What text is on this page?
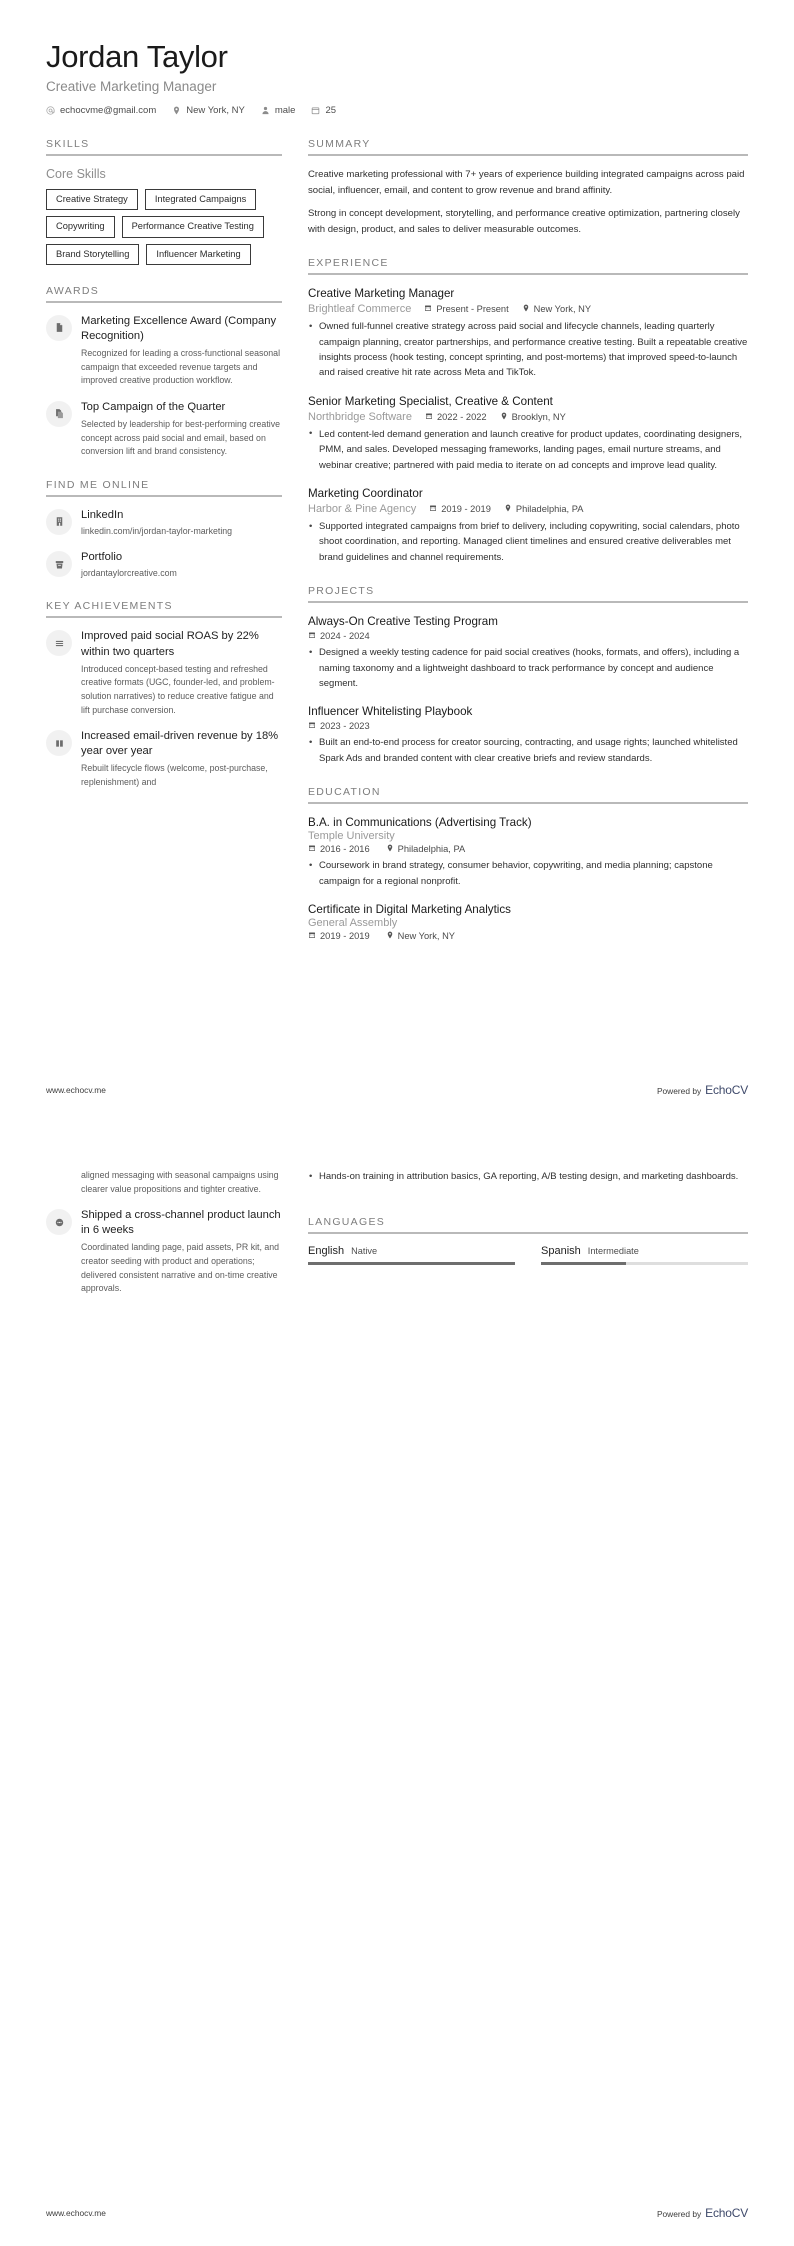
Jordan Taylor
Creative Marketing Manager
echocvme@gmail.com	New York, NY	male	25
SKILLS
Core Skills
Creative Strategy	Integrated Campaigns
Copywriting	Performance Creative Testing
Brand Storytelling	Influencer Marketing
AWARDS
Marketing Excellence Award (Company Recognition)
Recognized for leading a cross-functional seasonal campaign that exceeded revenue targets and improved creative production workflow.
Top Campaign of the Quarter
Selected by leadership for best-performing creative concept across paid social and email, based on conversion lift and brand consistency.
FIND ME ONLINE
LinkedIn
linkedin.com/in/jordan-taylor-marketing
Portfolio
jordantaylorcreative.com
KEY ACHIEVEMENTS
Improved paid social ROAS by 22% within two quarters
Introduced concept-based testing and refreshed creative formats (UGC, founder-led, and problem-solution narratives) to reduce creative fatigue and lift purchase conversion.
Increased email-driven revenue by 18% year over year
Rebuilt lifecycle flows (welcome, post-purchase, replenishment) and
SUMMARY

Creative marketing professional with 7+ years of experience building integrated campaigns across paid social, influencer, email, and content to grow revenue and brand affinity.

Strong in concept development, storytelling, and performance creative optimization, partnering closely with design, product, and sales to deliver measurable outcomes.

EXPERIENCE
Creative Marketing Manager
Brightleaf Commerce	Present - Present	New York, NY
• Owned full-funnel creative strategy across paid social and lifecycle channels, leading quarterly campaign planning, creator partnerships, and performance creative testing. Built a repeatable creative insights process (hook testing, concept sprinting, and post-mortems) that improved speed-to-launch and raised creative hit rate across Meta and TikTok.
Senior Marketing Specialist, Creative & Content
Northbridge Software	2022 - 2022	Brooklyn, NY
• Led content-led demand generation and launch creative for product updates, coordinating designers, PMM, and sales. Developed messaging frameworks, landing pages, email nurture streams, and webinar creative; partnered with paid media to iterate on ad concepts and improve lead quality.
Marketing Coordinator
Harbor & Pine Agency	2019 - 2019	Philadelphia, PA
• Supported integrated campaigns from brief to delivery, including copywriting, social calendars, photo shoot coordination, and reporting. Managed client timelines and ensured creative deliverables met brand guidelines and channel requirements.
PROJECTS
Always-On Creative Testing Program
2024 - 2024
• Designed a weekly testing cadence for paid social creatives (hooks, formats, and offers), including a naming taxonomy and a lightweight dashboard to track performance by concept and audience segment.
Influencer Whitelisting Playbook
2023 - 2023
• Built an end-to-end process for creator sourcing, contracting, and usage rights; launched whitelisted Spark Ads and branded content with clear creative briefs and review standards.
EDUCATION
B.A. in Communications (Advertising Track)
Temple University
2016 - 2016	Philadelphia, PA
• Coursework in brand strategy, consumer behavior, copywriting, and media planning; capstone campaign for a regional nonprofit.
Certificate in Digital Marketing Analytics
General Assembly
2019 - 2019	New York, NY
www.echocv.me	Powered by EchoCV
aligned messaging with seasonal campaigns using clearer value propositions and tighter creative.
Shipped a cross-channel product launch in 6 weeks
Coordinated landing page, paid assets, PR kit, and creator seeding with product and operations; delivered consistent narrative and on-time creative approvals.
• Hands-on training in attribution basics, GA reporting, A/B testing design, and marketing dashboards.
LANGUAGES
English Native	Spanish Intermediate
www.echocv.me	Powered by EchoCV
